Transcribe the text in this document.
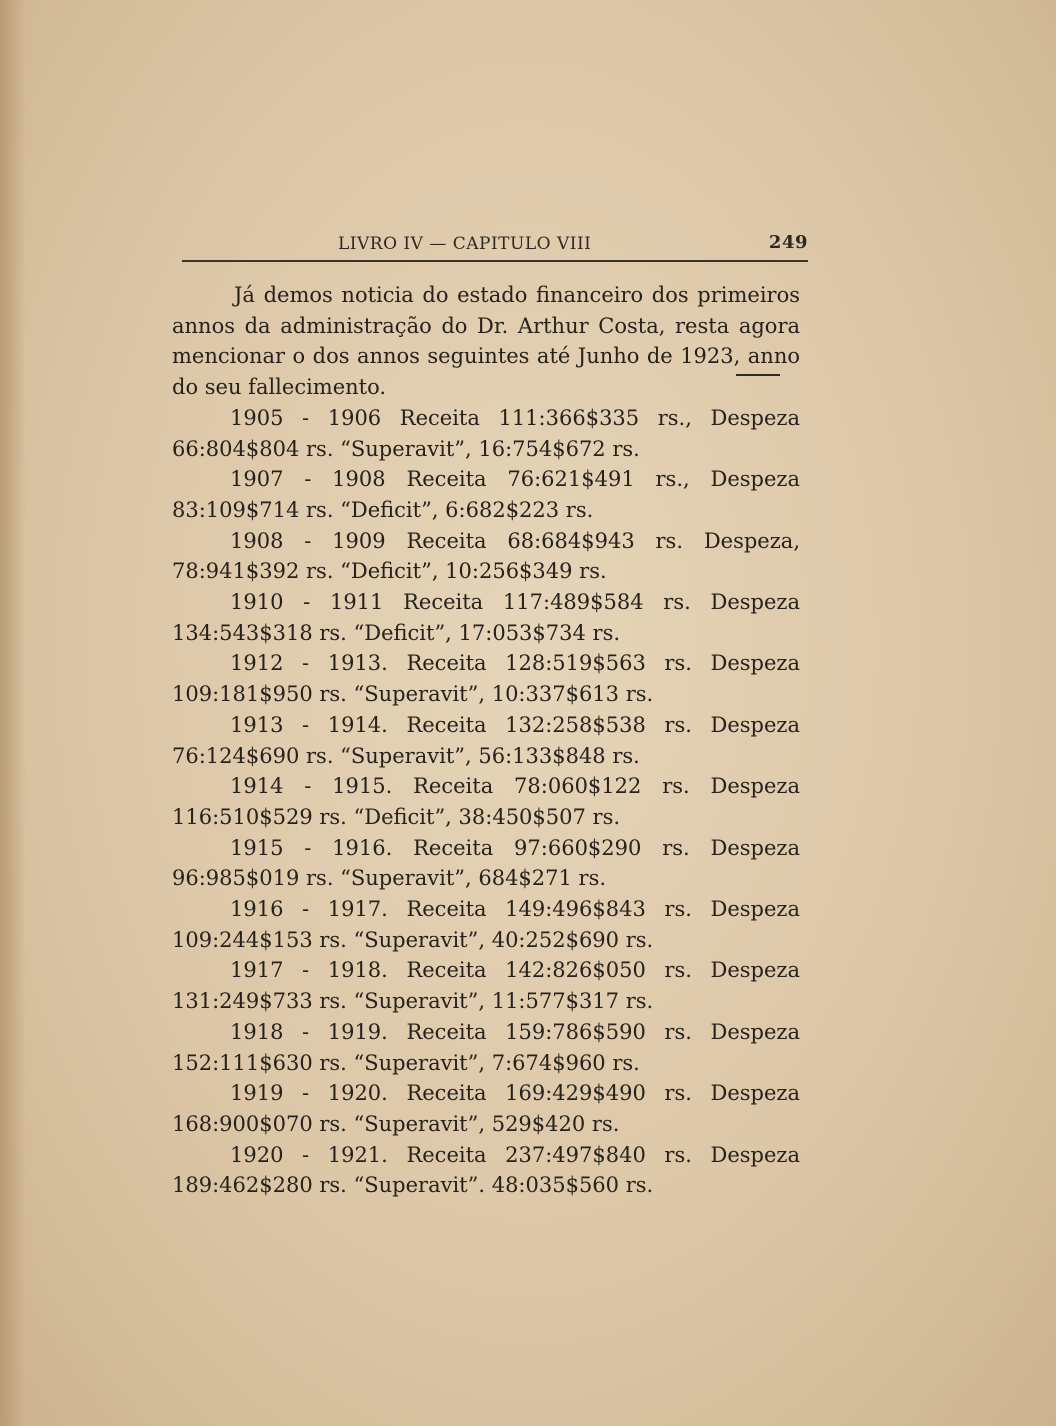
LIVRO IV — CAPITULO VIII	249

Já demos noticia do estado financeiro dos primeiros annos da administração do Dr. Arthur Costa, resta agora mencionar o dos annos seguintes até Junho de 1923, anno do seu fallecimento.

1905 - 1906 Receita 111:366$335 rs., Despeza 66:804$804 rs. “Superavit”, 16:754$672 rs.

1907 - 1908 Receita 76:621$491 rs., Despeza 83:109$714 rs. “Deficit”, 6:682$223 rs.

1908 - 1909 Receita 68:684$943 rs. Despeza, 78:941$392 rs. “Deficit”, 10:256$349 rs.

1910 - 1911 Receita 117:489$584 rs. Despeza 134:543$318 rs. “Deficit”, 17:053$734 rs.

1912 - 1913. Receita 128:519$563 rs. Despeza 109:181$950 rs. “Superavit”, 10:337$613 rs.

1913 - 1914. Receita 132:258$538 rs. Despeza 76:124$690 rs. “Superavit”, 56:133$848 rs.

1914 - 1915. Receita 78:060$122 rs. Despeza 116:510$529 rs. “Deficit”, 38:450$507 rs.

1915 - 1916. Receita 97:660$290 rs. Despeza 96:985$019 rs. “Superavit”, 684$271 rs.

1916 - 1917. Receita 149:496$843 rs. Despeza 109:244$153 rs. “Superavit”, 40:252$690 rs.

1917 - 1918. Receita 142:826$050 rs. Despeza 131:249$733 rs. “Superavit”, 11:577$317 rs.

1918 - 1919. Receita 159:786$590 rs. Despeza 152:111$630 rs. “Superavit”, 7:674$960 rs.

1919 - 1920. Receita 169:429$490 rs. Despeza 168:900$070 rs. “Superavit”, 529$420 rs.

1920 - 1921. Receita 237:497$840 rs. Despeza 189:462$280 rs. “Superavit”. 48:035$560 rs.
